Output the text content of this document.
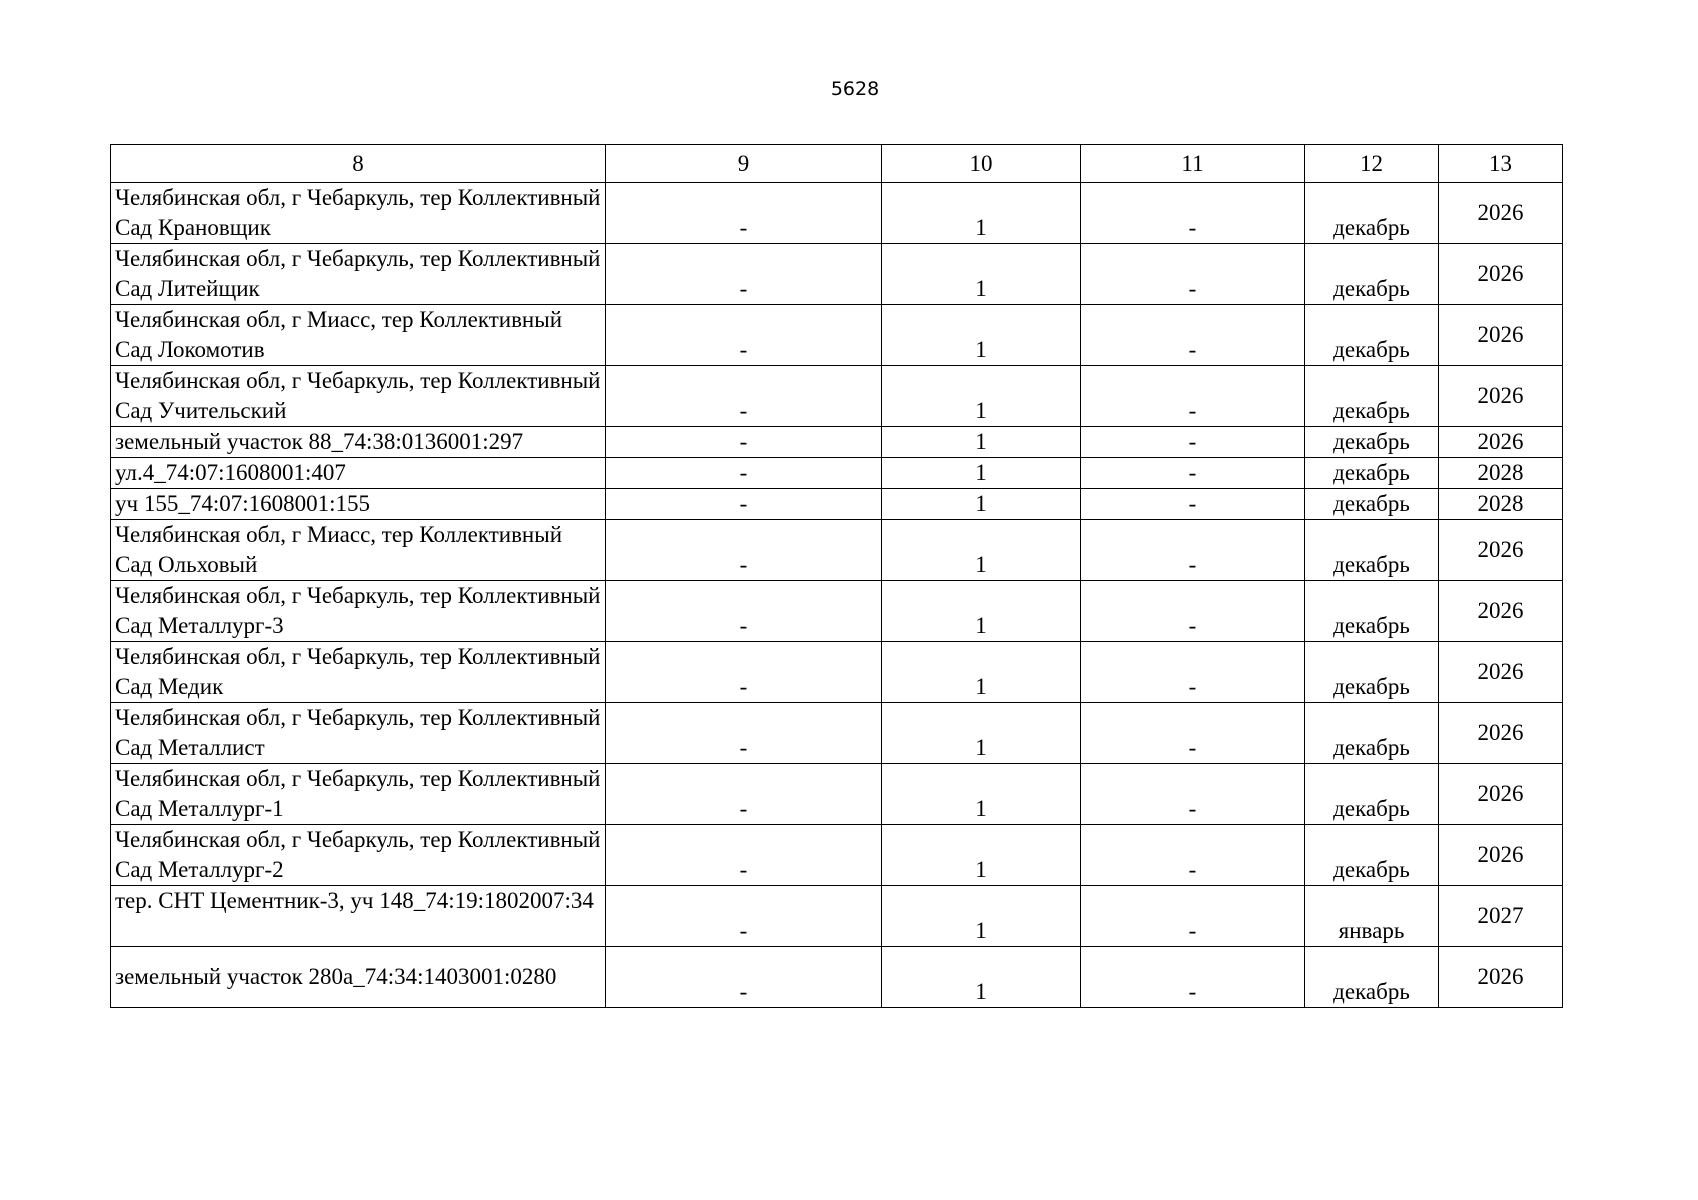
5628
8	9	10	11	12	13
Челябинская обл, г Чебаркуль, тер Коллективный Сад Крановщик	-	1	-	декабрь	2026
Челябинская обл, г Чебаркуль, тер Коллективный Сад Литейщик	-	1	-	декабрь	2026
Челябинская обл, г Миасс, тер Коллективный Сад Локомотив	-	1	-	декабрь	2026
Челябинская обл, г Чебаркуль, тер Коллективный Сад Учительский	-	1	-	декабрь	2026
земельный участок 88_74:38:0136001:297	-	1	-	декабрь	2026
ул.4_74:07:1608001:407	-	1	-	декабрь	2028
уч 155_74:07:1608001:155	-	1	-	декабрь	2028
Челябинская обл, г Миасс, тер Коллективный Сад Ольховый	-	1	-	декабрь	2026
Челябинская обл, г Чебаркуль, тер Коллективный Сад Металлург-3	-	1	-	декабрь	2026
Челябинская обл, г Чебаркуль, тер Коллективный Сад Медик	-	1	-	декабрь	2026
Челябинская обл, г Чебаркуль, тер Коллективный Сад Металлист	-	1	-	декабрь	2026
Челябинская обл, г Чебаркуль, тер Коллективный Сад Металлург-1	-	1	-	декабрь	2026
Челябинская обл, г Чебаркуль, тер Коллективный Сад Металлург-2	-	1	-	декабрь	2026
тер. СНТ Цементник-3, уч 148_74:19:1802007:34	-	1	-	январь	2027
земельный участок 280а_74:34:1403001:0280	-	1	-	декабрь	2026
